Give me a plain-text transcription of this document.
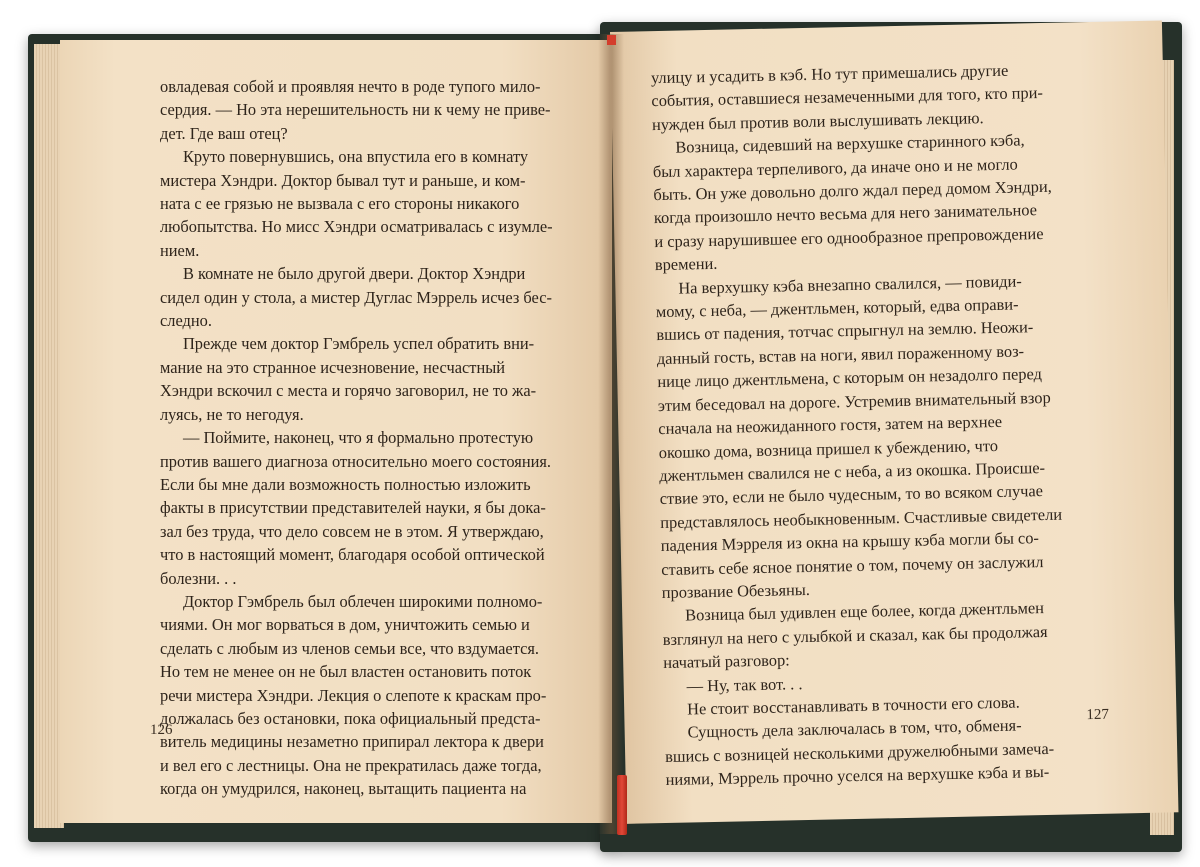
овладевая собой и проявляя нечто в роде тупого мило-

сердия. — Но эта нерешительность ни к чему не приве-

дет. Где ваш отец?

Круто повернувшись, она впустила его в комнату

мистера Хэндри. Доктор бывал тут и раньше, и ком-

ната с ее грязью не вызвала с его стороны никакого

любопытства. Но мисс Хэндри осматривалась с изумле-

нием.

В комнате не было другой двери. Доктор Хэндри

сидел один у стола, а мистер Дуглас Мэррель исчез бес-

следно.

Прежде чем доктор Гэмбрель успел обратить вни-

мание на это странное исчезновение, несчастный

Хэндри вскочил с места и горячо заговорил, не то жа-

луясь, не то негодуя.

— Поймите, наконец, что я формально протестую

против вашего диагноза относительно моего состояния.

Если бы мне дали возможность полностью изложить

факты в присутствии представителей науки, я бы дока-

зал без труда, что дело совсем не в этом. Я утверждаю,

что в настоящий момент, благодаря особой оптической

болезни. . .

Доктор Гэмбрель был облечен широкими полномо-

чиями. Он мог ворваться в дом, уничтожить семью и

сделать с любым из членов семьи все, что вздумается.

Но тем не менее он не был властен остановить поток

речи мистера Хэндри. Лекция о слепоте к краскам про-

должалась без остановки, пока официальный предста-

витель медицины незаметно припирал лектора к двери

и вел его с лестницы. Она не прекратилась даже тогда,

когда он умудрился, наконец, вытащить пациента на

126

улицу и усадить в кэб. Но тут примешались другие

события, оставшиеся незамеченными для того, кто при-

нужден был против воли выслушивать лекцию.

Возница, сидевший на верхушке старинного кэба,

был характера терпеливого, да иначе оно и не могло

быть. Он уже довольно долго ждал перед домом Хэндри,

когда произошло нечто весьма для него занимательное

и сразу нарушившее его однообразное препровождение

времени.

На верхушку кэба внезапно свалился, — повиди-

мому, с неба, — джентльмен, который, едва оправи-

вшись от падения, тотчас спрыгнул на землю. Неожи-

данный гость, встав на ноги, явил пораженному воз-

нице лицо джентльмена, с которым он незадолго перед

этим беседовал на дороге. Устремив внимательный взор

сначала на неожиданного гостя, затем на верхнее

окошко дома, возница пришел к убеждению, что

джентльмен свалился не с неба, а из окошка. Происше-

ствие это, если не было чудесным, то во всяком случае

представлялось необыкновенным. Счастливые свидетели

падения Мэрреля из окна на крышу кэба могли бы со-

ставить себе ясное понятие о том, почему он заслужил

прозвание Обезьяны.

Возница был удивлен еще более, когда джентльмен

взглянул на него с улыбкой и сказал, как бы продолжая

начатый разговор:

— Ну, так вот. . .

Не стоит восстанавливать в точности его слова.

Сущность дела заключалась в том, что, обменя-

вшись с возницей несколькими дружелюбными замеча-

ниями, Мэррель прочно уселся на верхушке кэба и вы-

127
